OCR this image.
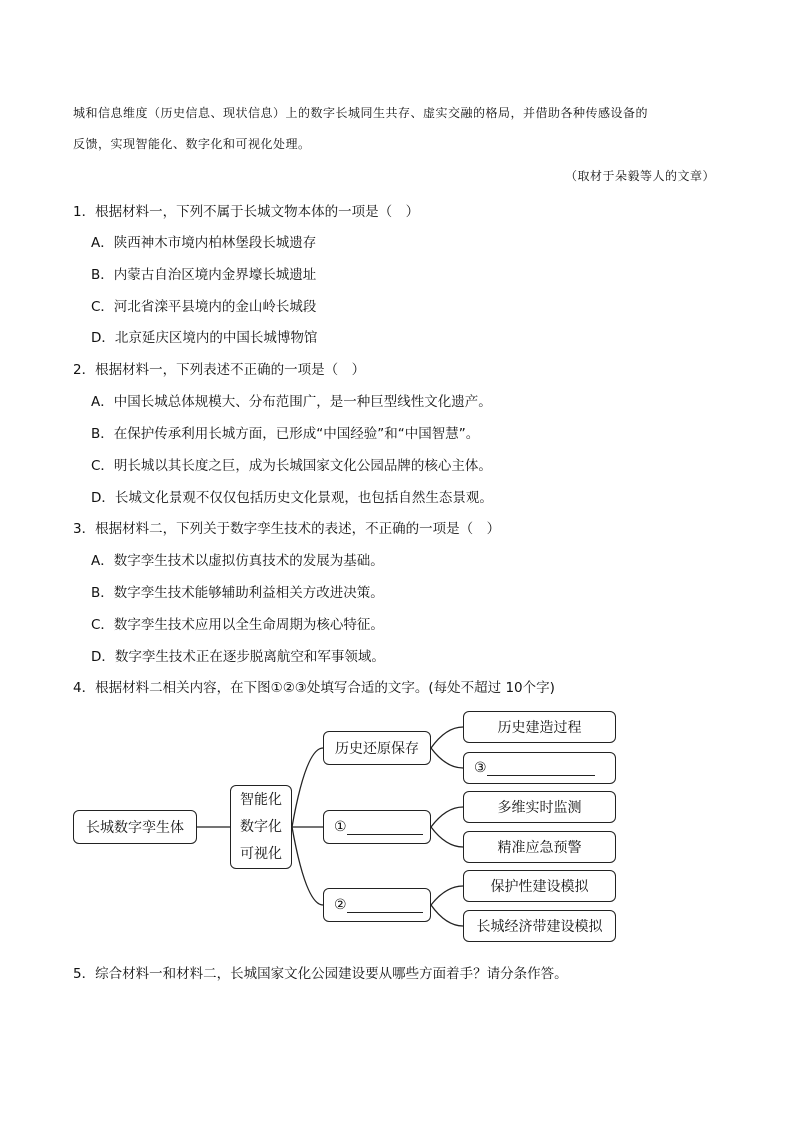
城和信息维度（历史信息、现状信息）上的数字长城同生共存、虚实交融的格局，并借助各种传感设备的
反馈，实现智能化、数字化和可视化处理。
（取材于朵毅等人的文章）
1．根据材料一，下列不属于长城文物本体的一项是（　）
A．陕西神木市境内柏林堡段长城遗存
B．内蒙古自治区境内金界壕长城遗址
C．河北省滦平县境内的金山岭长城段
D．北京延庆区境内的中国长城博物馆
2．根据材料一，下列表述不正确的一项是（　）
A．中国长城总体规模大、分布范围广，是一种巨型线性文化遗产。
B．在保护传承利用长城方面，已形成“中国经验”和“中国智慧”。
C．明长城以其长度之巨，成为长城国家文化公园品牌的核心主体。
D．长城文化景观不仅仅包括历史文化景观，也包括自然生态景观。
3．根据材料二，下列关于数字孪生技术的表述，不正确的一项是（　）
A．数字孪生技术以虚拟仿真技术的发展为基础。
B．数字孪生技术能够辅助利益相关方改进决策。
C．数字孪生技术应用以全生命周期为核心特征。
D．数字孪生技术正在逐步脱离航空和军事领域。
4．根据材料二相关内容，在下图①②③处填写合适的文字。(每处不超过 10个字)
长城数字孪生体
智能化
数字化
可视化
历史还原保存
①
②
历史建造过程
③
多维实时监测
精准应急预警
保护性建设模拟
长城经济带建设模拟
5．综合材料一和材料二，长城国家文化公园建设要从哪些方面着手？请分条作答。
